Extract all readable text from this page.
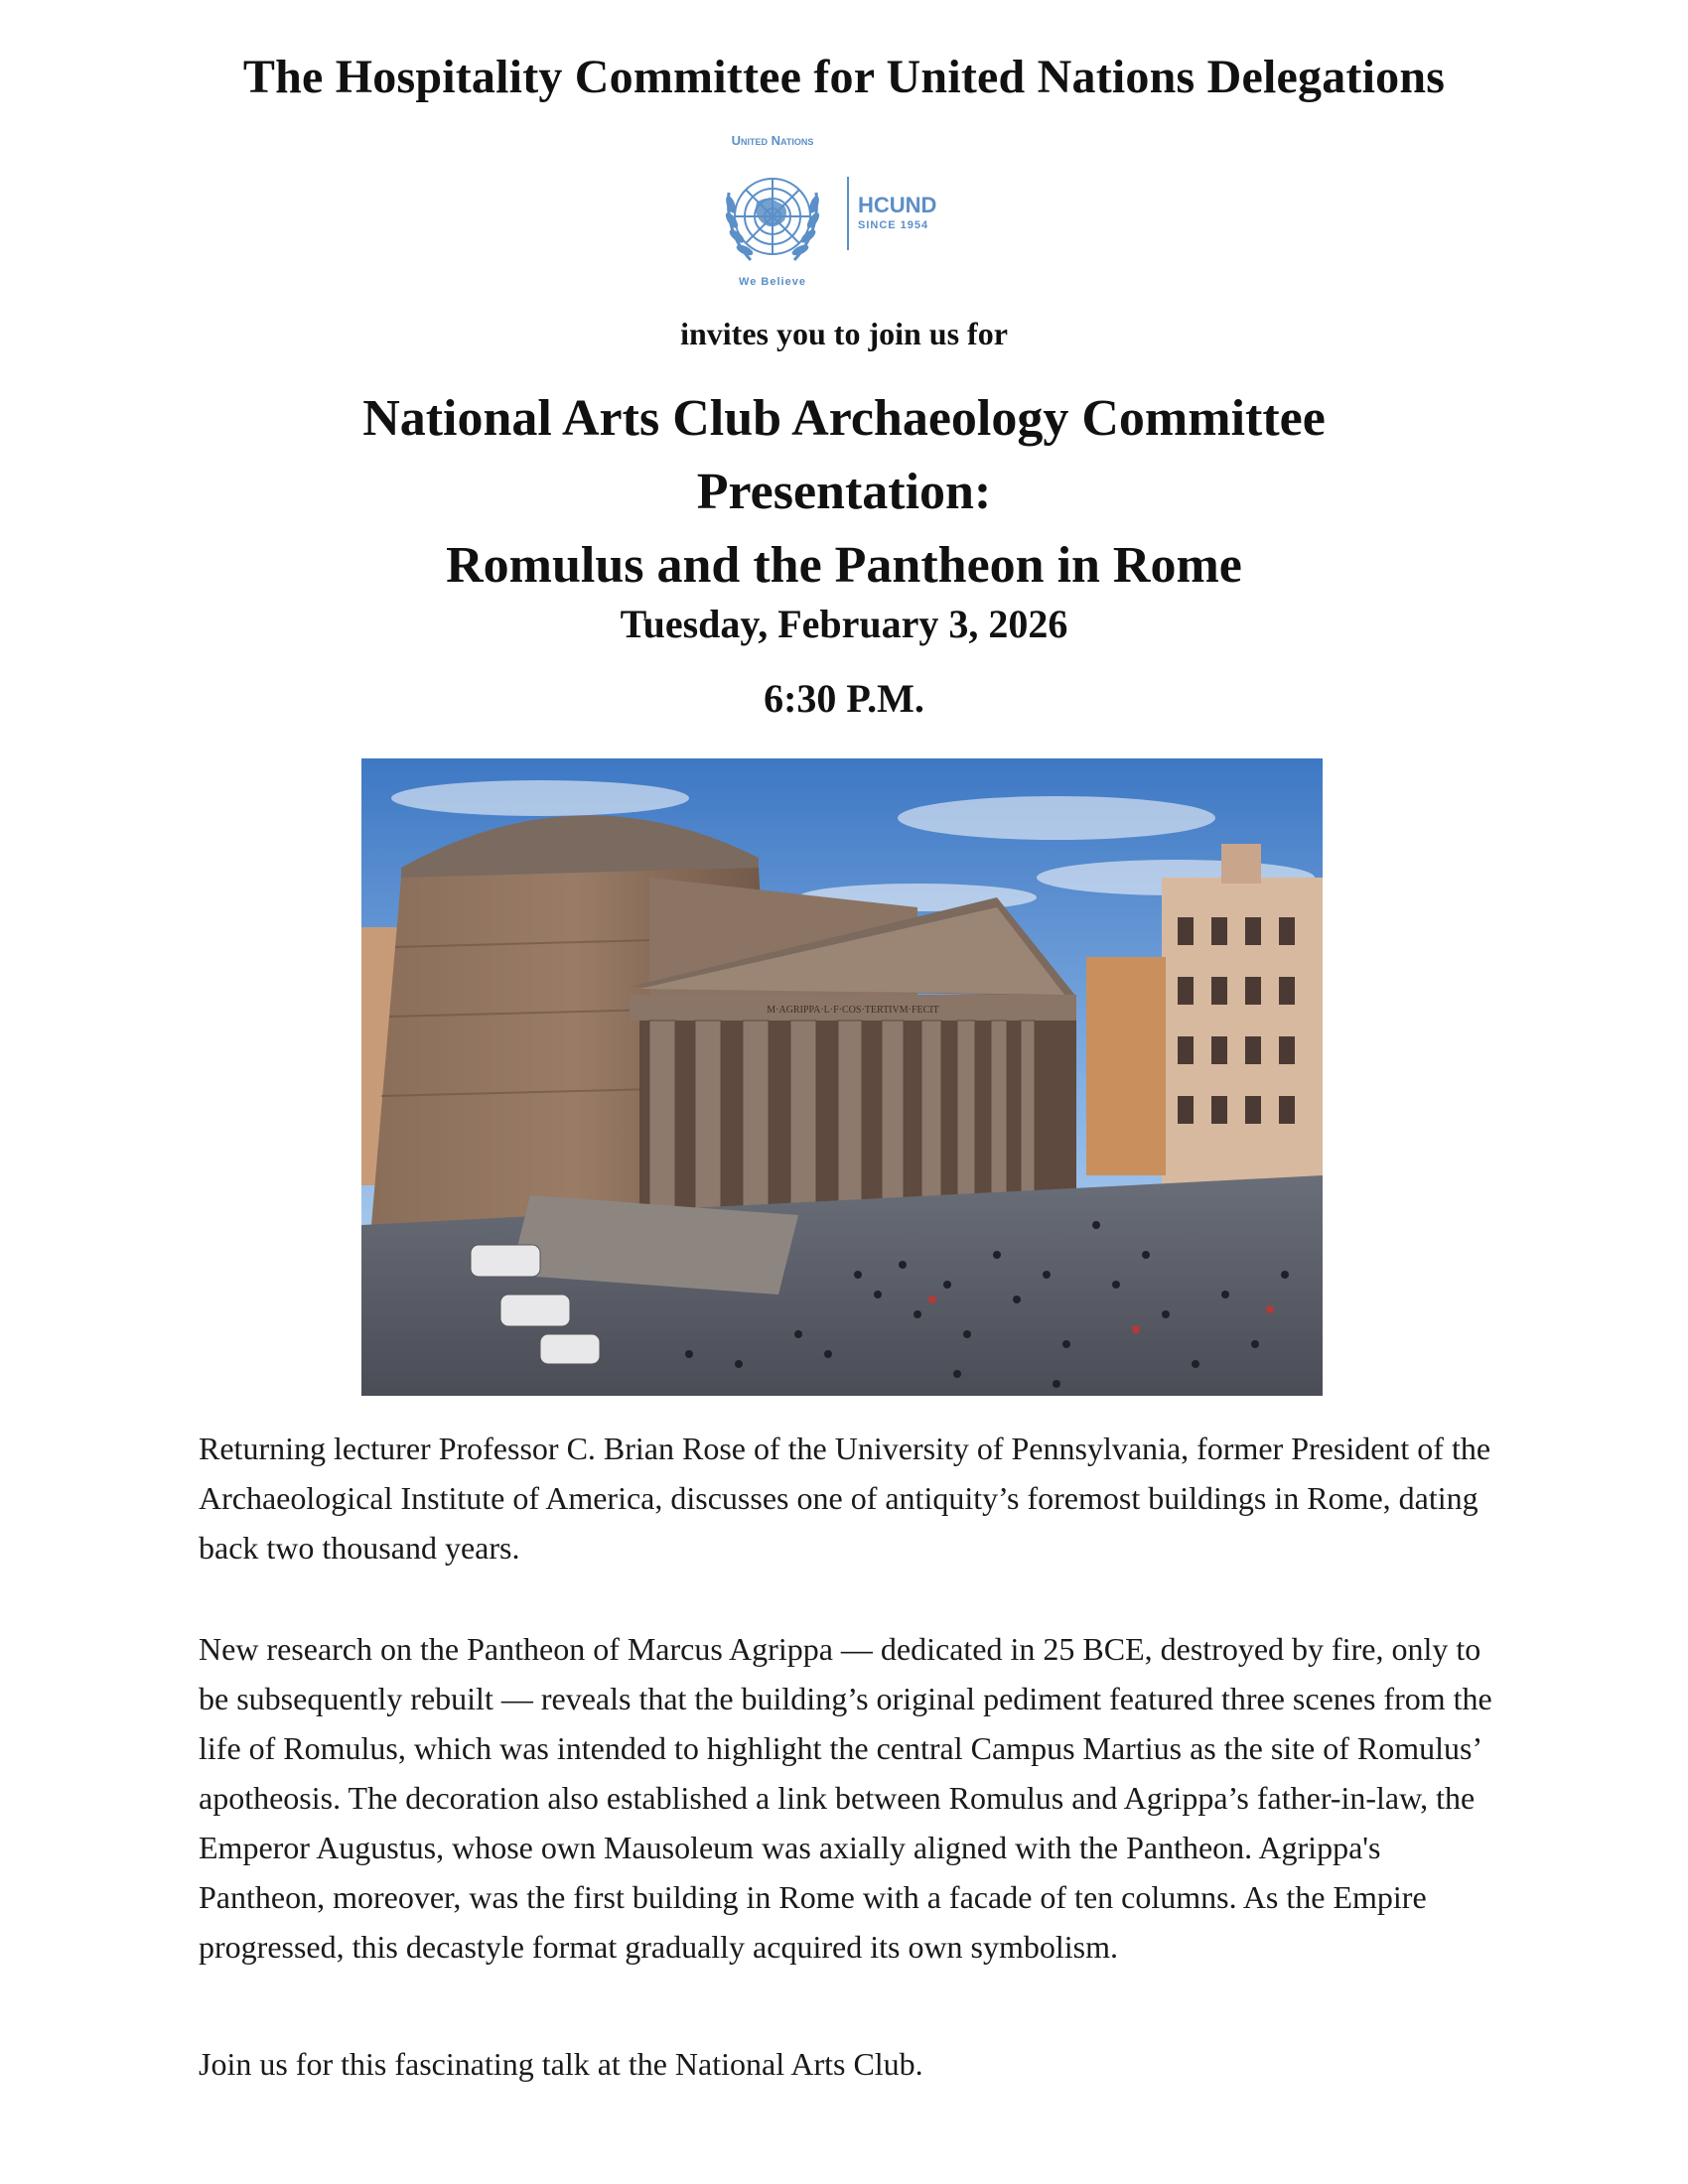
The Hospitality Committee for United Nations Delegations
United Nations
We Believe
HCUND
SINCE 1954
invites you to join us for
National Arts Club Archaeology Committee
Presentation:
Romulus and the Pantheon in Rome
Tuesday, February 3, 2026
6:30 P.M.
M·AGRIPPA·L·F·COS·TERTIVM·FECIT

Returning lecturer Professor C. Brian Rose of the University of Pennsylvania, former President of the Archaeological Institute of America, discusses one of antiquity’s foremost buildings in Rome, dating back two thousand years.

New research on the Pantheon of Marcus Agrippa — dedicated in 25 BCE, destroyed by fire, only to be subsequently rebuilt — reveals that the building’s original pediment featured three scenes from the life of Romulus, which was intended to highlight the central Campus Martius as the site of Romulus’ apotheosis. The decoration also established a link between Romulus and Agrippa’s father-in-law, the Emperor Augustus, whose own Mausoleum was axially aligned with the Pantheon. Agrippa's Pantheon, moreover, was the first building in Rome with a facade of ten columns. As the Empire progressed, this decastyle format gradually acquired its own symbolism.

Join us for this fascinating talk at the National Arts Club.
